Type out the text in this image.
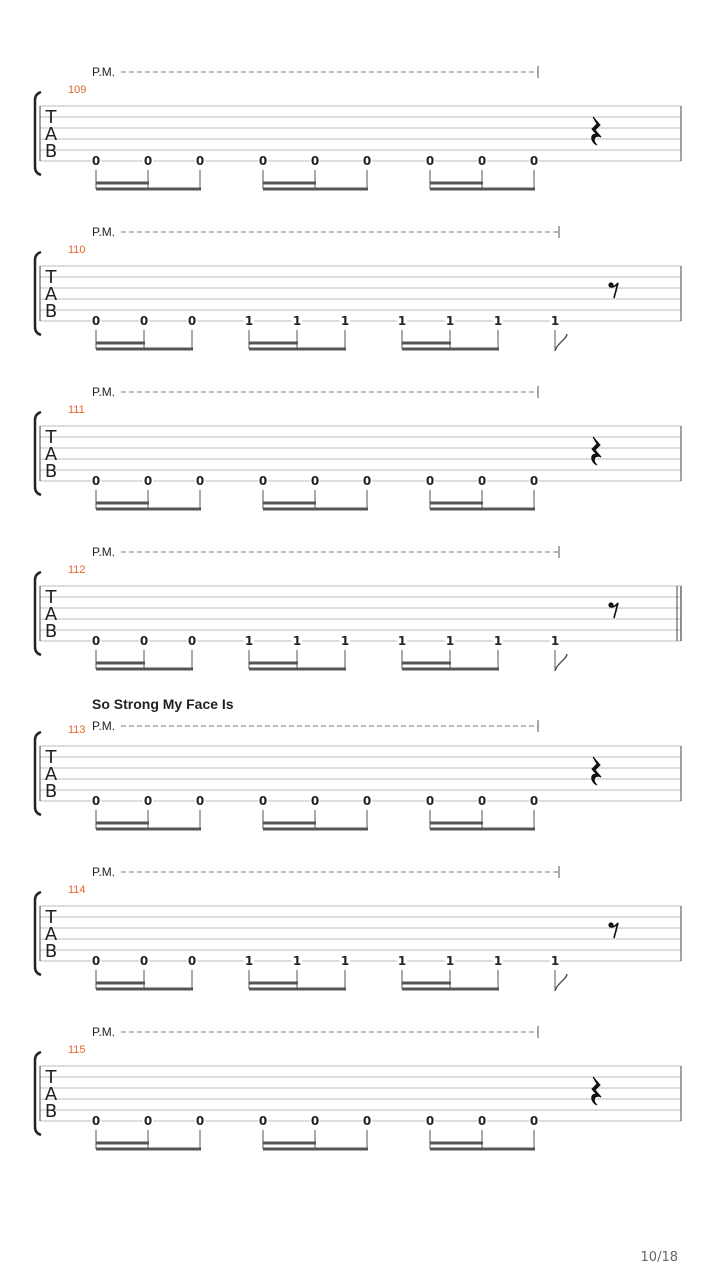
P.M.
109
T
A
B	0	0	0	0	0	0	0	0	0
P.M.
110
T
A
B	0	0	0	1	1	1	1	1	1	1
P.M.
111
T
A
B	0	0	0	0	0	0	0	0	0
P.M.
112
T
A
B	0	0	0	1	1	1	1	1	1	1
So Strong My Face Is
P.M.
113
T
A
B	0	0	0	0	0	0	0	0	0
P.M.
114
T
A
B	0	0	0	1	1	1	1	1	1	1
P.M.
115
T
A
B	0	0	0	0	0	0	0	0	0
10/18
